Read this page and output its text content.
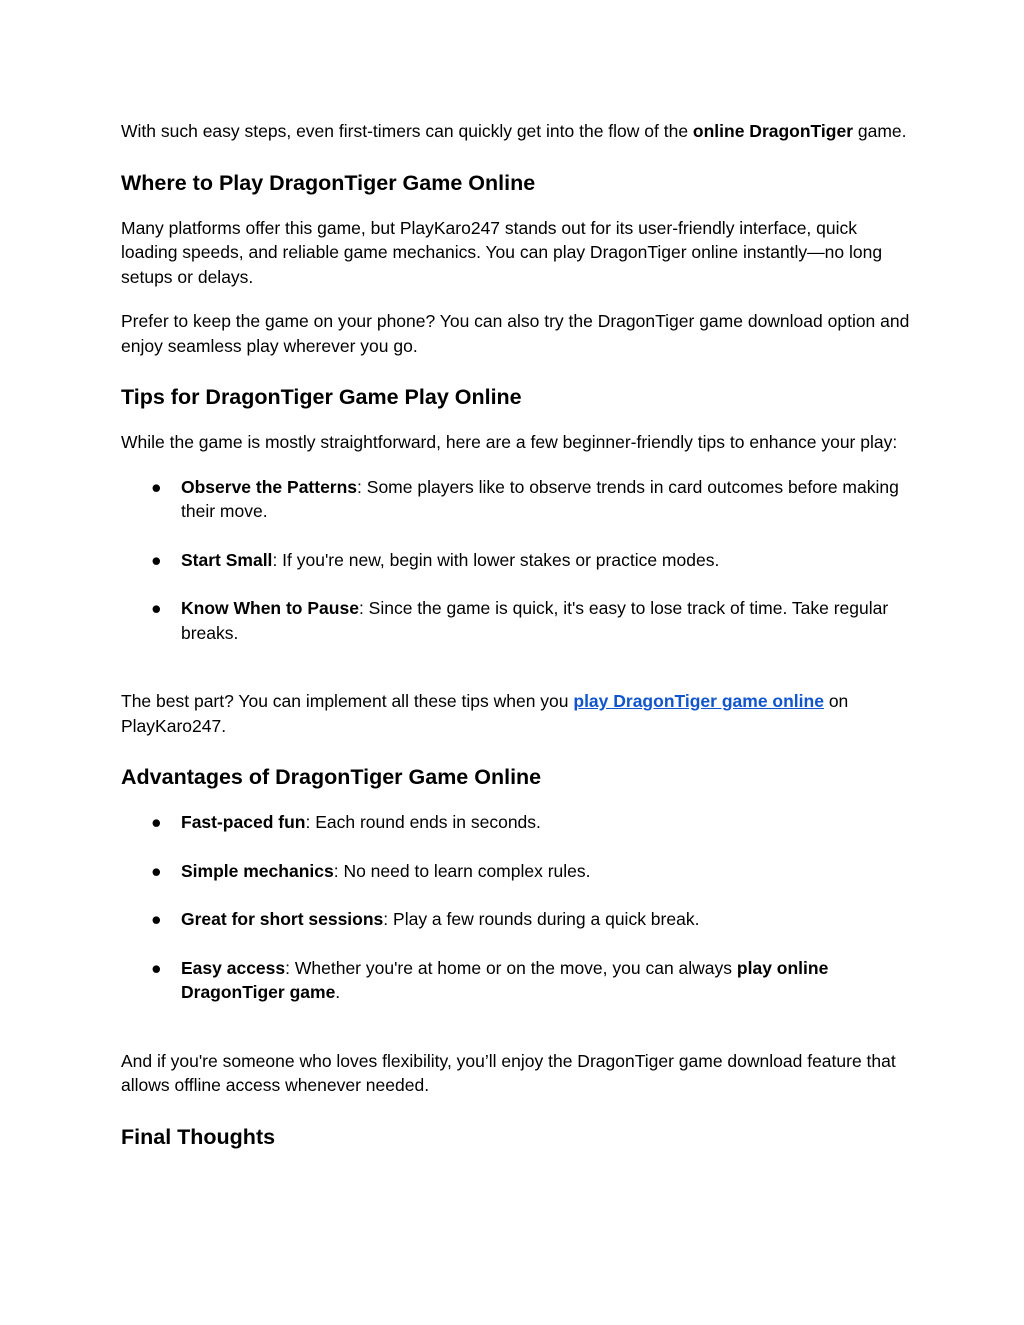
With such easy steps, even first-timers can quickly get into the flow of the online DragonTiger game.

Where to Play DragonTiger Game Online

Many platforms offer this game, but PlayKaro247 stands out for its user-friendly interface, quick loading speeds, and reliable game mechanics. You can play DragonTiger online instantly—no long setups or delays.

Prefer to keep the game on your phone? You can also try the DragonTiger game download option and enjoy seamless play wherever you go.

Tips for DragonTiger Game Play Online

While the game is mostly straightforward, here are a few beginner-friendly tips to enhance your play:

● Observe the Patterns: Some players like to observe trends in card outcomes before making their move.
● Start Small: If you're new, begin with lower stakes or practice modes.
● Know When to Pause: Since the game is quick, it's easy to lose track of time. Take regular breaks.

The best part? You can implement all these tips when you play DragonTiger game online on PlayKaro247.

Advantages of DragonTiger Game Online
● Fast-paced fun: Each round ends in seconds.
● Simple mechanics: No need to learn complex rules.
● Great for short sessions: Play a few rounds during a quick break.
● Easy access: Whether you're at home or on the move, you can always play online DragonTiger game.

And if you're someone who loves flexibility, you’ll enjoy the DragonTiger game download feature that allows offline access whenever needed.

Final Thoughts
